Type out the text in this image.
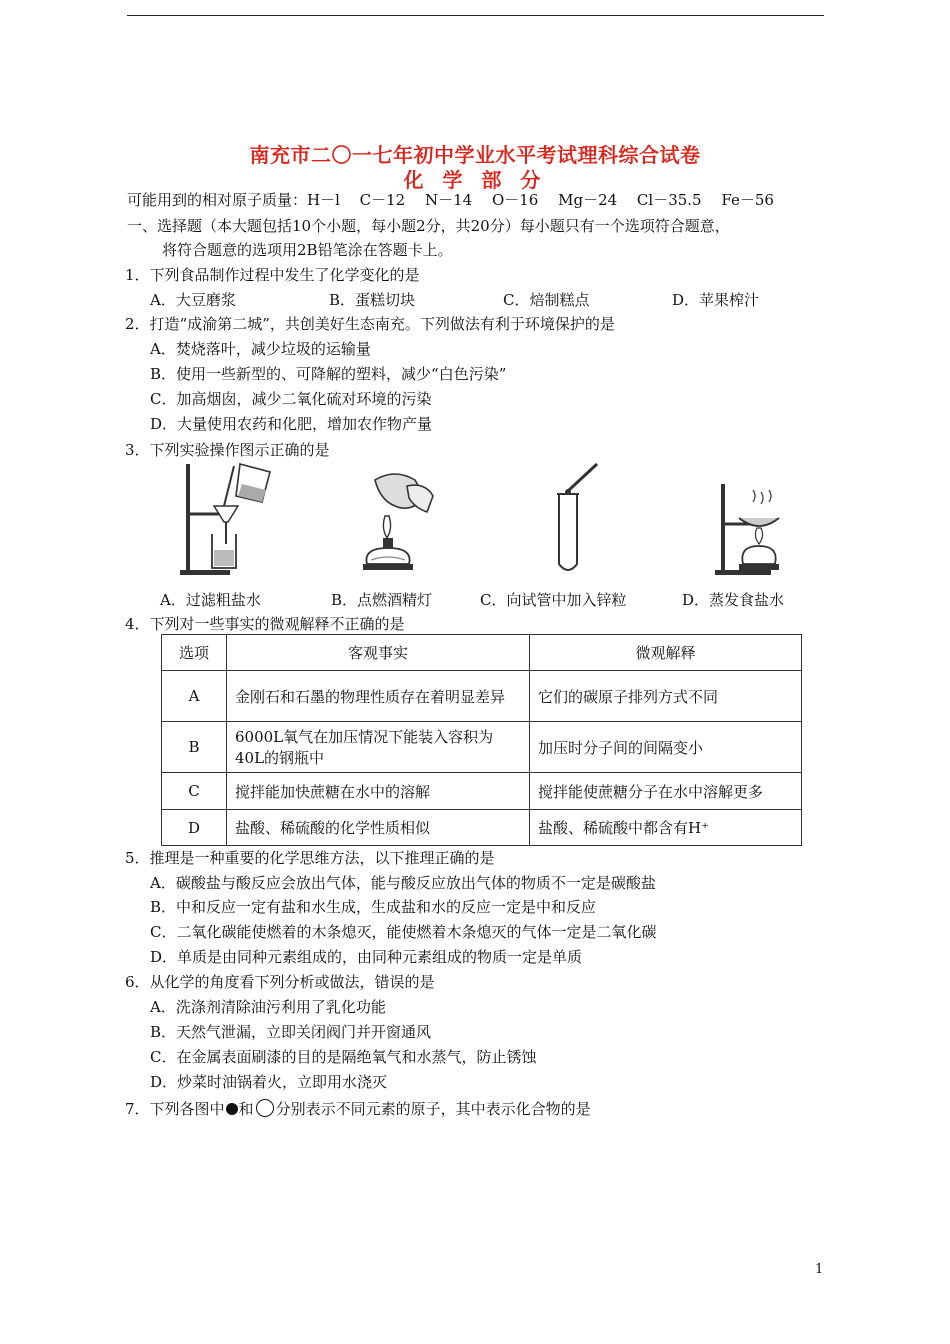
南充市二〇一七年初中学业水平考试理科综合试卷
化 学 部 分
可能用到的相对原子质量：H－l　 C－12　 N－14　 O－16　 Mg－24　 Cl－35.5　 Fe－56
一、选择题（本大题包括10个小题，每小题2分，共20分）每小题只有一个选项符合题意，
将符合题意的选项用2B铅笔涂在答题卡上。
1．下列食品制作过程中发生了化学变化的是
A．大豆磨浆	B．蛋糕切块	C．焙制糕点	D．苹果榨汁
2．打造“成渝第二城”，共创美好生态南充。下列做法有利于环境保护的是
A．焚烧落叶，减少垃圾的运输量
B．使用一些新型的、可降解的塑料，减少“白色污染”
C．加高烟囱，减少二氧化硫对环境的污染
D．大量使用农药和化肥，增加农作物产量
3．下列实验操作图示正确的是
A．过滤粗盐水	B．点燃酒精灯	C．向试管中加入锌粒	D．蒸发食盐水
4．下列对一些事实的微观解释不正确的是
选项	客观事实	微观解释
A	金刚石和石墨的物理性质存在着明显差异	它们的碳原子排列方式不同
B	6000L氧气在加压情况下能装入容积为40L的钢瓶中	加压时分子间的间隔变小
C	搅拌能加快蔗糖在水中的溶解	搅拌能使蔗糖分子在水中溶解更多
D	盐酸、稀硫酸的化学性质相似	盐酸、稀硫酸中都含有H⁺
5．推理是一种重要的化学思维方法，以下推理正确的是
A．碳酸盐与酸反应会放出气体，能与酸反应放出气体的物质不一定是碳酸盐
B．中和反应一定有盐和水生成，生成盐和水的反应一定是中和反应
C．二氧化碳能使燃着的木条熄灭，能使燃着木条熄灭的气体一定是二氧化碳
D．单质是由同种元素组成的，由同种元素组成的物质一定是单质
6．从化学的角度看下列分析或做法，错误的是
A．洗涤剂清除油污利用了乳化功能
B．天然气泄漏，立即关闭阀门并开窗通风
C．在金属表面刷漆的目的是隔绝氧气和水蒸气，防止锈蚀
D．炒菜时油锅着火，立即用水浇灭
7．下列各图中 和 分别表示不同元素的原子，其中表示化合物的是
1
